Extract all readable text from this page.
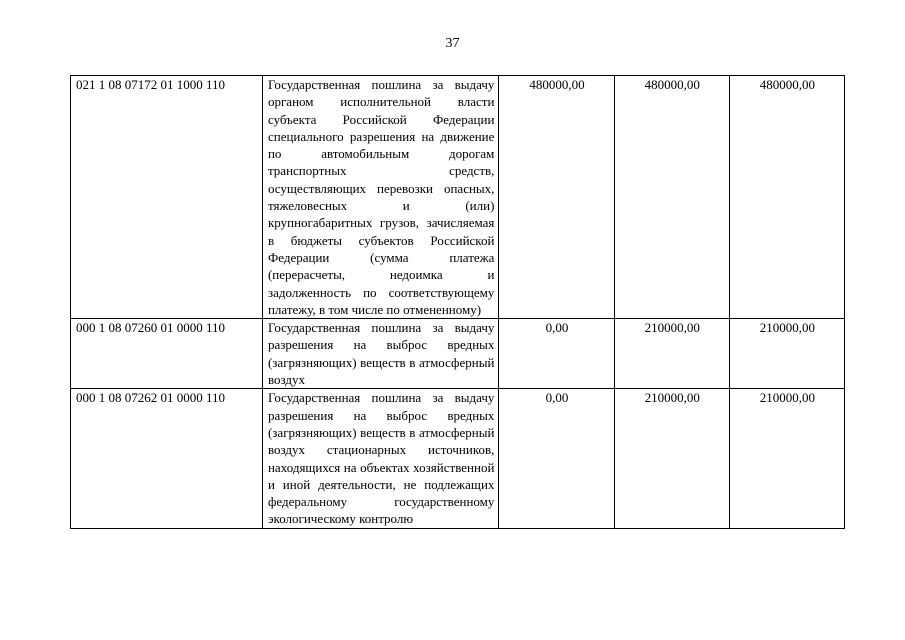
37
021 1 08 07172 01 1000 110	Государственная пошлина за выдачу органом исполнительной власти субъекта Российской Федерации специального разрешения на движение по автомобильным дорогам транспортных средств, осуществляющих перевозки опасных, тяжеловесных и (или) крупногабаритных грузов, зачисляемая в бюджеты субъектов Российской Федерации (сумма платежа (перерасчеты, недоимка и задолженность по соответствующему платежу, в том числе по отмененному)	480000,00	480000,00	480000,00
000 1 08 07260 01 0000 110	Государственная пошлина за выдачу разрешения на выброс вредных (загрязняющих) веществ в атмосферный воздух	0,00	210000,00	210000,00
000 1 08 07262 01 0000 110	Государственная пошлина за выдачу разрешения на выброс вредных (загрязняющих) веществ в атмосферный воздух стационарных источников, находящихся на объектах хозяйственной и иной деятельности, не подлежащих федеральному государственному экологическому контролю	0,00	210000,00	210000,00
